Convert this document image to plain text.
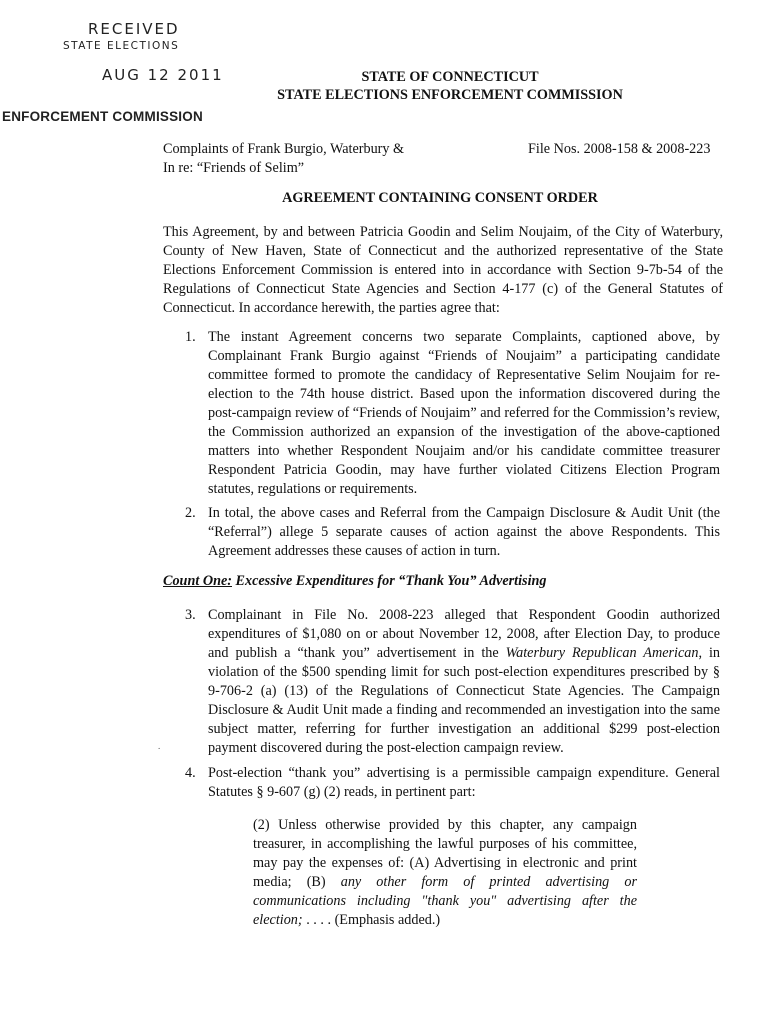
RECEIVED
STATE ELECTIONS
AUG 12 2011
ENFORCEMENT COMMISSION
STATE OF CONNECTICUT
STATE ELECTIONS ENFORCEMENT COMMISSION
Complaints of Frank Burgio, Waterbury &
In re: “Friends of Selim”
File Nos. 2008-158 & 2008-223
AGREEMENT CONTAINING CONSENT ORDER
This Agreement, by and between Patricia Goodin and Selim Noujaim, of the City of Waterbury, County of New Haven, State of Connecticut and the authorized representative of the State Elections Enforcement Commission is entered into in accordance with Section 9-7b-54 of the Regulations of Connecticut State Agencies and Section 4-177 (c) of the General Statutes of Connecticut. In accordance herewith, the parties agree that:
1. The instant Agreement concerns two separate Complaints, captioned above, by Complainant Frank Burgio against “Friends of Noujaim” a participating candidate committee formed to promote the candidacy of Representative Selim Noujaim for re-election to the 74th house district. Based upon the information discovered during the post-campaign review of “Friends of Noujaim” and referred for the Commission’s review, the Commission authorized an expansion of the investigation of the above-captioned matters into whether Respondent Noujaim and/or his candidate committee treasurer Respondent Patricia Goodin, may have further violated Citizens Election Program statutes, regulations or requirements.
2. In total, the above cases and Referral from the Campaign Disclosure & Audit Unit (the “Referral”) allege 5 separate causes of action against the above Respondents. This Agreement addresses these causes of action in turn.
Count One: Excessive Expenditures for “Thank You” Advertising
3. Complainant in File No. 2008-223 alleged that Respondent Goodin authorized expenditures of $1,080 on or about November 12, 2008, after Election Day, to produce and publish a “thank you” advertisement in the Waterbury Republican American, in violation of the $500 spending limit for such post-election expenditures prescribed by § 9-706-2 (a) (13) of the Regulations of Connecticut State Agencies. The Campaign Disclosure & Audit Unit made a finding and recommended an investigation into the same subject matter, referring for further investigation an additional $299 post-election payment discovered during the post-election campaign review.
.
4. Post-election “thank you” advertising is a permissible campaign expenditure. General Statutes § 9-607 (g) (2) reads, in pertinent part:
(2) Unless otherwise provided by this chapter, any campaign treasurer, in accomplishing the lawful purposes of his committee, may pay the expenses of: (A) Advertising in electronic and print media; (B) any other form of printed advertising or communications including "thank you" advertising after the election; . . . . (Emphasis added.)
